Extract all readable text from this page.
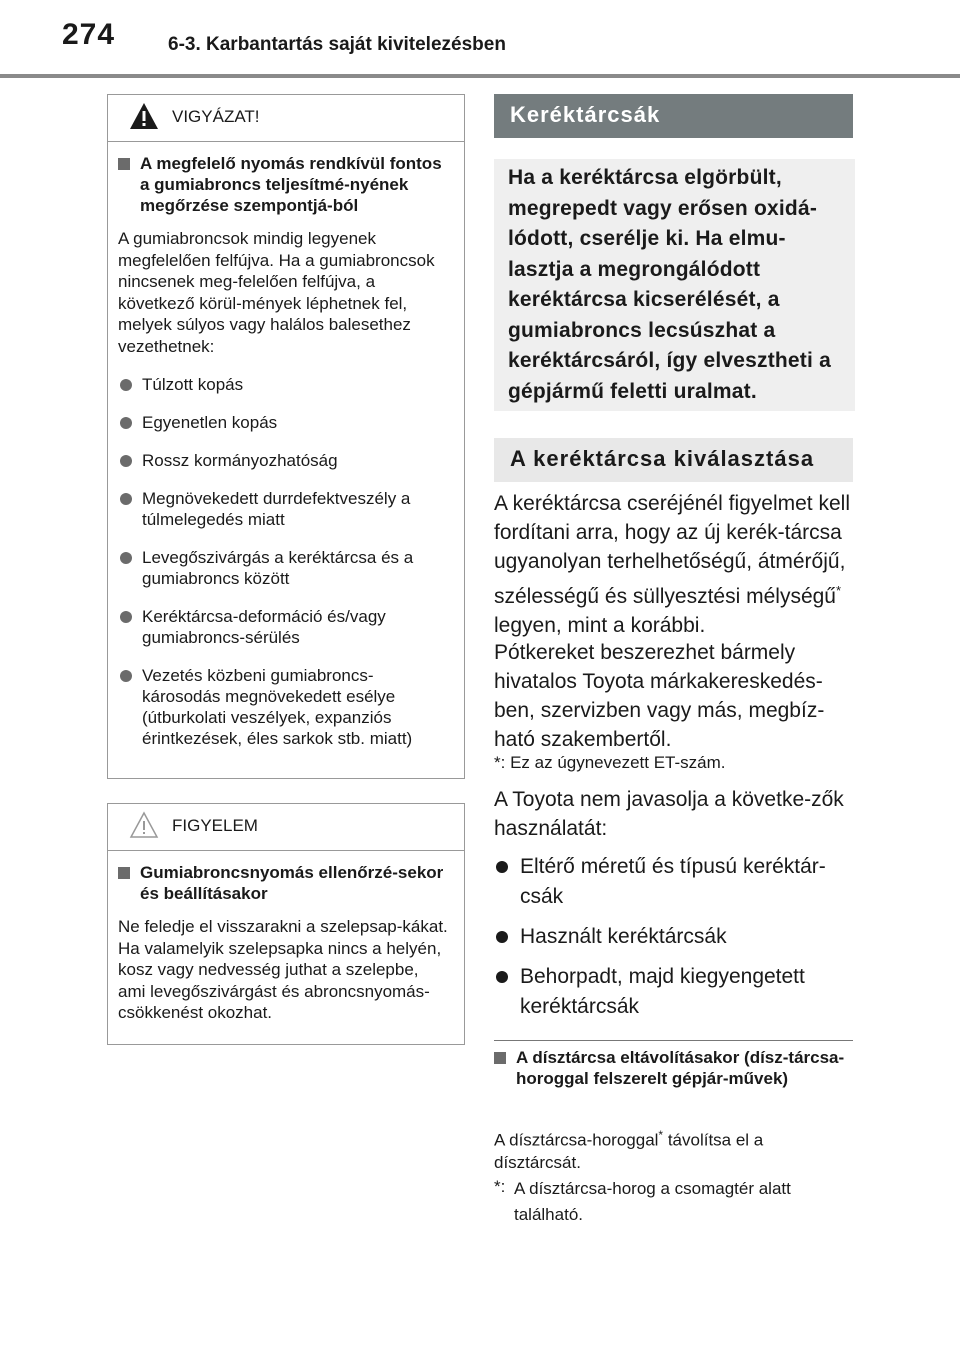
274	6-3. Karbantartás saját kivitelezésben
VIGYÁZAT!
A megfelelő nyomás rendkívül fontos a gumiabroncs teljesítmé-nyének megőrzése szempontjá-ból
A gumiabroncsok mindig legyenek megfelelően felfújva. Ha a gumiabroncsok nincsenek meg-felelően felfújva, a következő körül-mények léphetnek fel, melyek súlyos vagy halálos balesethez vezethetnek:
Túlzott kopás
Egyenetlen kopás
Rossz kormányozhatóság
Megnövekedett durrdefektveszély a túlmelegedés miatt
Levegőszivárgás a keréktárcsa és a gumiabroncs között
Keréktárcsa-deformáció és/vagy gumiabroncs-sérülés
Vezetés közbeni gumiabroncs-károsodás megnövekedett esélye (útburkolati veszélyek, expanziós érintkezések, éles sarkok stb. miatt)
FIGYELEM
Gumiabroncsnyomás ellenőrzé-sekor és beállításakor
Ne feledje el visszarakni a szelepsap-kákat. Ha valamelyik szelepsapka nincs a helyén, kosz vagy nedvesség juthat a szelepbe, ami levegőszivárgást és abroncsnyomás-csökkenést okozhat.
Keréktárcsák
Ha a keréktárcsa elgörbült, megrepedt vagy erősen oxidá-lódott, cserélje ki. Ha elmu-lasztja a megrongálódott keréktárcsa kicserélését, a gumiabroncs lecsúszhat a keréktárcsáról, így elvesztheti a gépjármű feletti uralmat.
A keréktárcsa kiválasztása
A keréktárcsa cseréjénél figyelmet kell fordítani arra, hogy az új kerék-tárcsa ugyanolyan terhelhetőségű, átmérőjű, szélességű és süllyesztési mélységű* legyen, mint a korábbi.
Pótkereket beszerezhet bármely hivatalos Toyota márkakereskedés-ben, szervizben vagy más, megbíz-ható szakembertől.
*: Ez az úgynevezett ET-szám.
A Toyota nem javasolja a követke-zők használatát:
Eltérő méretű és típusú keréktár-csák
Használt keréktárcsák
Behorpadt, majd kiegyengetett keréktárcsák
A dísztárcsa eltávolításakor (dísz-tárcsa-horoggal felszerelt gépjár-művek)
A dísztárcsa-horoggal* távolítsa el a dísztárcsát.
*: A dísztárcsa-horog a csomagtér alatt található.
